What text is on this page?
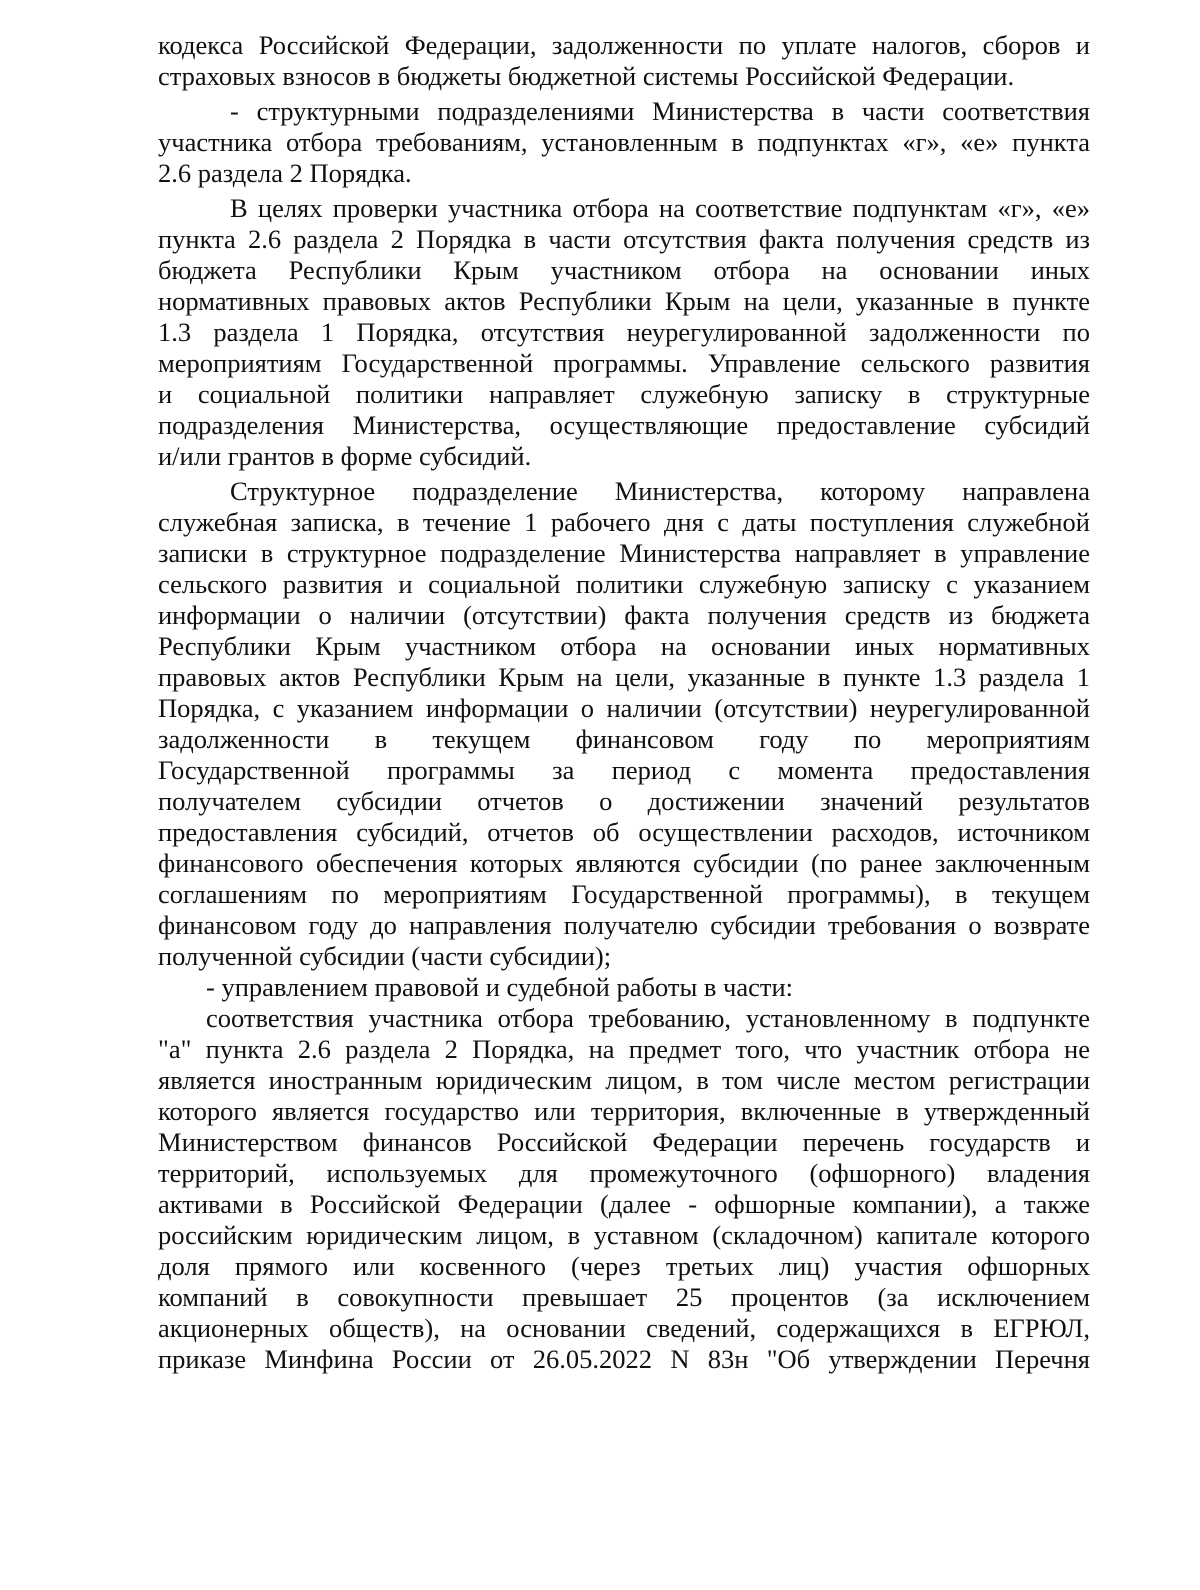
кодекса Российской Федерации, задолженности по уплате налогов, сборов и
страховых взносов в бюджеты бюджетной системы Российской Федерации.
- структурными подразделениями Министерства в части соответствия
участника отбора требованиям, установленным в подпунктах «г», «е» пункта
2.6 раздела 2 Порядка.
В целях проверки участника отбора на соответствие подпунктам «г», «е»
пункта 2.6 раздела 2 Порядка в части отсутствия факта получения средств из
бюджета Республики Крым участником отбора на основании иных
нормативных правовых актов Республики Крым на цели, указанные в пункте
1.3 раздела 1 Порядка, отсутствия неурегулированной задолженности по
мероприятиям Государственной программы. Управление сельского развития
и социальной политики направляет служебную записку в структурные
подразделения Министерства, осуществляющие предоставление субсидий
и/или грантов в форме субсидий.
Структурное подразделение Министерства, которому направлена
служебная записка, в течение 1 рабочего дня с даты поступления служебной
записки в структурное подразделение Министерства направляет в управление
сельского развития и социальной политики служебную записку с указанием
информации о наличии (отсутствии) факта получения средств из бюджета
Республики Крым участником отбора на основании иных нормативных
правовых актов Республики Крым на цели, указанные в пункте 1.3 раздела 1
Порядка, с указанием информации о наличии (отсутствии) неурегулированной
задолженности в текущем финансовом году по мероприятиям
Государственной программы за период с момента предоставления
получателем субсидии отчетов о достижении значений результатов
предоставления субсидий, отчетов об осуществлении расходов, источником
финансового обеспечения которых являются субсидии (по ранее заключенным
соглашениям по мероприятиям Государственной программы), в текущем
финансовом году до направления получателю субсидии требования о возврате
полученной субсидии (части субсидии);
- управлением правовой и судебной работы в части:
соответствия участника отбора требованию, установленному в подпункте
"а" пункта 2.6 раздела 2 Порядка, на предмет того, что участник отбора не
является иностранным юридическим лицом, в том числе местом регистрации
которого является государство или территория, включенные в утвержденный
Министерством финансов Российской Федерации перечень государств и
территорий, используемых для промежуточного (офшорного) владения
активами в Российской Федерации (далее - офшорные компании), а также
российским юридическим лицом, в уставном (складочном) капитале которого
доля прямого или косвенного (через третьих лиц) участия офшорных
компаний в совокупности превышает 25 процентов (за исключением
акционерных обществ), на основании сведений, содержащихся в ЕГРЮЛ,
приказе Минфина России от 26.05.2022 N 83н "Об утверждении Перечня
